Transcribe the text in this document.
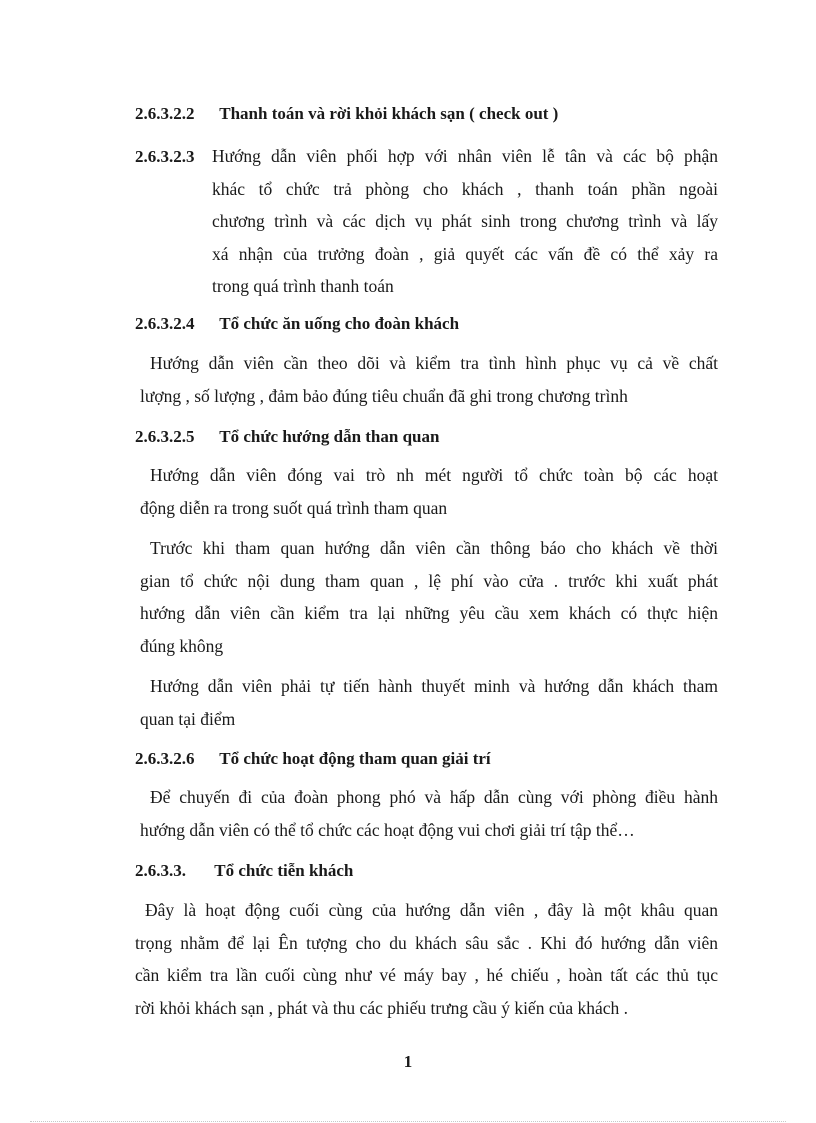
2.6.3.2.2 Thanh toán và rời khỏi khách sạn ( check out )
2.6.3.2.3 Hướng dẫn viên phối hợp với nhân viên lễ tân và các bộ phận
khác tổ chức trả phòng cho khách , thanh toán phần ngoài
chương trình và các dịch vụ phát sinh trong chương trình và lấy
xá nhận của trưởng đoàn , giả quyết các vấn đề có thể xảy ra
trong quá trình thanh toán
2.6.3.2.4 Tổ chức ăn uống cho đoàn khách
Hướng dẫn viên cần theo dõi và kiểm tra tình hình phục vụ cả về chất
lượng , số lượng , đảm bảo đúng tiêu chuẩn đã ghi trong chương trình
2.6.3.2.5 Tổ chức hướng dẫn than quan
Hướng dẫn viên đóng vai trò nh mét người tổ chức toàn bộ các hoạt
động diễn ra trong suốt quá trình tham quan
Trước khi tham quan hướng dẫn viên cần thông báo cho khách về thời
gian tổ chức nội dung tham quan , lệ phí vào cửa . trước khi xuất phát
hướng dẫn viên cần kiểm tra lại những yêu cầu xem khách có thực hiện
đúng không
Hướng dẫn viên phải tự tiến hành thuyết minh và hướng dẫn khách tham
quan tại điểm
2.6.3.2.6 Tổ chức hoạt động tham quan giải trí
Để chuyến đi của đoàn phong phó và hấp dẫn cùng với phòng điều hành
hướng dẫn viên có thể tổ chức các hoạt động vui chơi giải trí tập thể…
2.6.3.3. Tổ chức tiễn khách
Đây là hoạt động cuối cùng của hướng dẫn viên , đây là một khâu quan
trọng nhằm để lại Ên tượng cho du khách sâu sắc . Khi đó hướng dẫn viên
cần kiểm tra lần cuối cùng như vé máy bay , hé chiếu , hoàn tất các thủ tục
rời khỏi khách sạn , phát và thu các phiếu trưng cầu ý kiến của khách .
1
